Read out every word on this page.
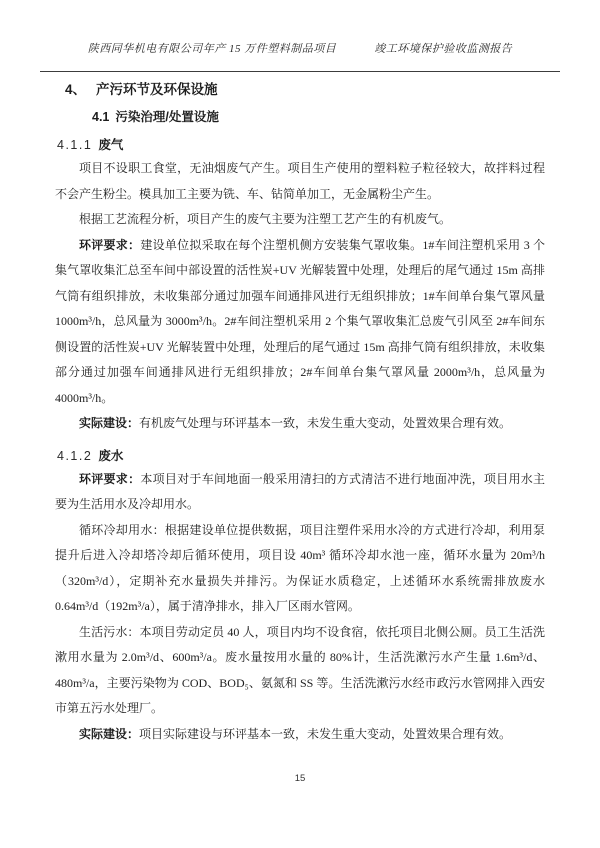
陕西同华机电有限公司年产 15 万件塑料制品项目	竣工环境保护验收监测报告
4、 产污环节及环保设施
4.1 污染治理/处置设施
4.1.1 废气

项目不设职工食堂，无油烟废气产生。项目生产使用的塑料粒子粒径较大，故拌料过程不会产生粉尘。模具加工主要为铣、车、钻简单加工，无金属粉尘产生。

根据工艺流程分析，项目产生的废气主要为注塑工艺产生的有机废气。

环评要求：建设单位拟采取在每个注塑机侧方安装集气罩收集。1#车间注塑机采用 3 个集气罩收集汇总至车间中部设置的活性炭+UV 光解装置中处理，处理后的尾气通过 15m 高排气筒有组织排放，未收集部分通过加强车间通排风进行无组织排放；1#车间单台集气罩风量 1000m³/h，总风量为 3000m³/h。2#车间注塑机采用 2 个集气罩收集汇总废气引风至 2#车间东侧设置的活性炭+UV 光解装置中处理，处理后的尾气通过 15m 高排气筒有组织排放，未收集部分通过加强车间通排风进行无组织排放；2#车间单台集气罩风量 2000m³/h，总风量为 4000m³/h。

实际建设：有机废气处理与环评基本一致，未发生重大变动，处置效果合理有效。

4.1.2 废水

环评要求：本项目对于车间地面一般采用清扫的方式清洁不进行地面冲洗，项目用水主要为生活用水及冷却用水。

循环冷却用水：根据建设单位提供数据，项目注塑件采用水冷的方式进行冷却，利用泵提升后进入冷却塔冷却后循环使用，项目设 40m³ 循环冷却水池一座，循环水量为 20m³/h（320m³/d），定期补充水量损失并排污。为保证水质稳定，上述循环水系统需排放废水 0.64m³/d（192m³/a），属于清净排水，排入厂区雨水管网。

生活污水：本项目劳动定员 40 人，项目内均不设食宿，依托项目北侧公厕。员工生活洗漱用水量为 2.0m³/d、600m³/a。废水量按用水量的 80%计，生活洗漱污水产生量 1.6m³/d、480m³/a，主要污染物为 COD、BOD₅、氨氮和 SS 等。生活洗漱污水经市政污水管网排入西安市第五污水处理厂。

实际建设：项目实际建设与环评基本一致，未发生重大变动，处置效果合理有效。

15
